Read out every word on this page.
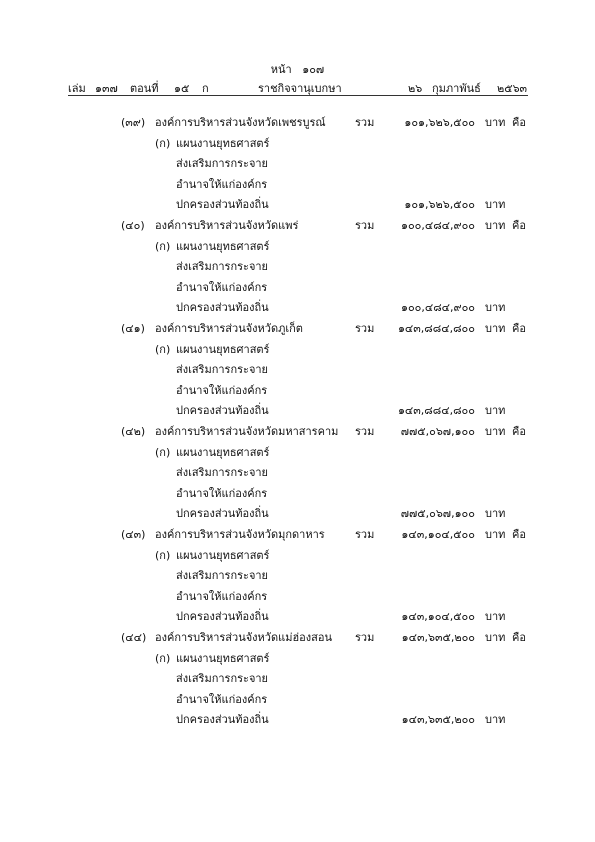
หน้า ๑๐๗
เล่ม ๑๓๗ ตอนที่ ๑๕ ก	ราชกิจจานุเบกษา	๒๖ กุมภาพันธ์ ๒๕๖๓
(๓๙) องค์การบริหารส่วนจังหวัดเพชรบูรณ์	รวม	๑๐๑,๖๒๖,๕๐๐ บาท คือ
(ก) แผนงานยุทธศาสตร์
ส่งเสริมการกระจาย
อำนาจให้แก่องค์กร
ปกครองส่วนท้องถิ่น	๑๐๑,๖๒๖,๕๐๐ บาท
(๔๐) องค์การบริหารส่วนจังหวัดแพร่	รวม ๑๐๐,๔๘๔,๙๐๐ บาท คือ
(ก) แผนงานยุทธศาสตร์
ส่งเสริมการกระจาย
อำนาจให้แก่องค์กร
ปกครองส่วนท้องถิ่น	๑๐๐,๔๘๔,๙๐๐ บาท
(๔๑) องค์การบริหารส่วนจังหวัดภูเก็ต	รวม ๑๔๓,๘๘๔,๘๐๐ บาท คือ
(ก) แผนงานยุทธศาสตร์
ส่งเสริมการกระจาย
อำนาจให้แก่องค์กร
ปกครองส่วนท้องถิ่น	๑๔๓,๘๘๔,๘๐๐ บาท
(๔๒) องค์การบริหารส่วนจังหวัดมหาสารคาม รวม ๗๗๕,๐๖๗,๑๐๐ บาท คือ
(ก) แผนงานยุทธศาสตร์
ส่งเสริมการกระจาย
อำนาจให้แก่องค์กร
ปกครองส่วนท้องถิ่น	๗๗๕,๐๖๗,๑๐๐ บาท
(๔๓) องค์การบริหารส่วนจังหวัดมุกดาหาร	รวม ๑๔๓,๑๐๔,๕๐๐ บาท คือ
(ก) แผนงานยุทธศาสตร์
ส่งเสริมการกระจาย
อำนาจให้แก่องค์กร
ปกครองส่วนท้องถิ่น	๑๔๓,๑๐๔,๕๐๐ บาท
(๔๔) องค์การบริหารส่วนจังหวัดแม่ฮ่องสอน รวม ๑๔๓,๖๓๕,๒๐๐ บาท คือ
(ก) แผนงานยุทธศาสตร์
ส่งเสริมการกระจาย
อำนาจให้แก่องค์กร
ปกครองส่วนท้องถิ่น	๑๔๓,๖๓๕,๒๐๐ บาท
